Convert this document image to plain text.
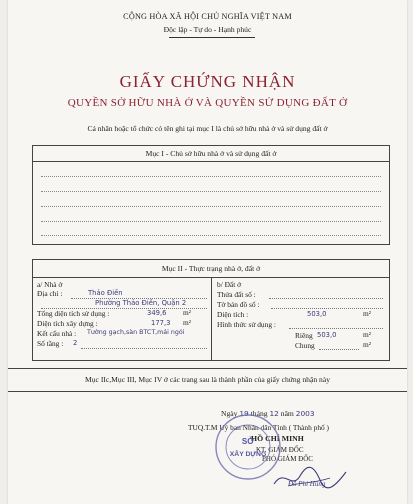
CỘNG HÒA XÃ HỘI CHỦ NGHĨA VIỆT NAM
Độc lập - Tự do - Hạnh phúc
GIẤY CHỨNG NHẬN
QUYỀN SỞ HỮU NHÀ Ở VÀ QUYỀN SỬ DỤNG ĐẤT Ở
Cá nhân hoặc tổ chức có tên ghi tại mục I là chủ sở hữu nhà ở và sử dụng đất ở
Mục I - Chủ sở hữu nhà ở và sử dụng đất ở
Mục II - Thực trạng nhà ở, đất ở
a/ Nhà ở
Địa chỉ :	Thảo Điền
Phường Thảo Điền, Quận 2
Tổng diện tích sử dụng :	349,6 m²
Diện tích xây dựng :	177,3 m²
Kết cấu nhà : Tường gạch,sàn BTCT,mái ngói
Số tầng : 2
b/ Đất ở
Thửa đất số :
Tờ bản đồ số :
Diện tích :	503,0	m²
Hình thức sử dụng :
Riêng 503,0	m²
Chung	m²
Mục IIc,Mục III, Mục IV ở các trang sau là thành phần của giấy chứng nhận này
Ngày 19 tháng 12 năm 2003
TUQ.T.M Uỷ ban Nhân dân Tỉnh ( Thành phố )
HỒ CHÍ MINH
KT. GIÁM ĐỐC
PHÓ GIÁM ĐỐC
SỞ
XÂY DỰNG
Đỗ Phi Hùng
